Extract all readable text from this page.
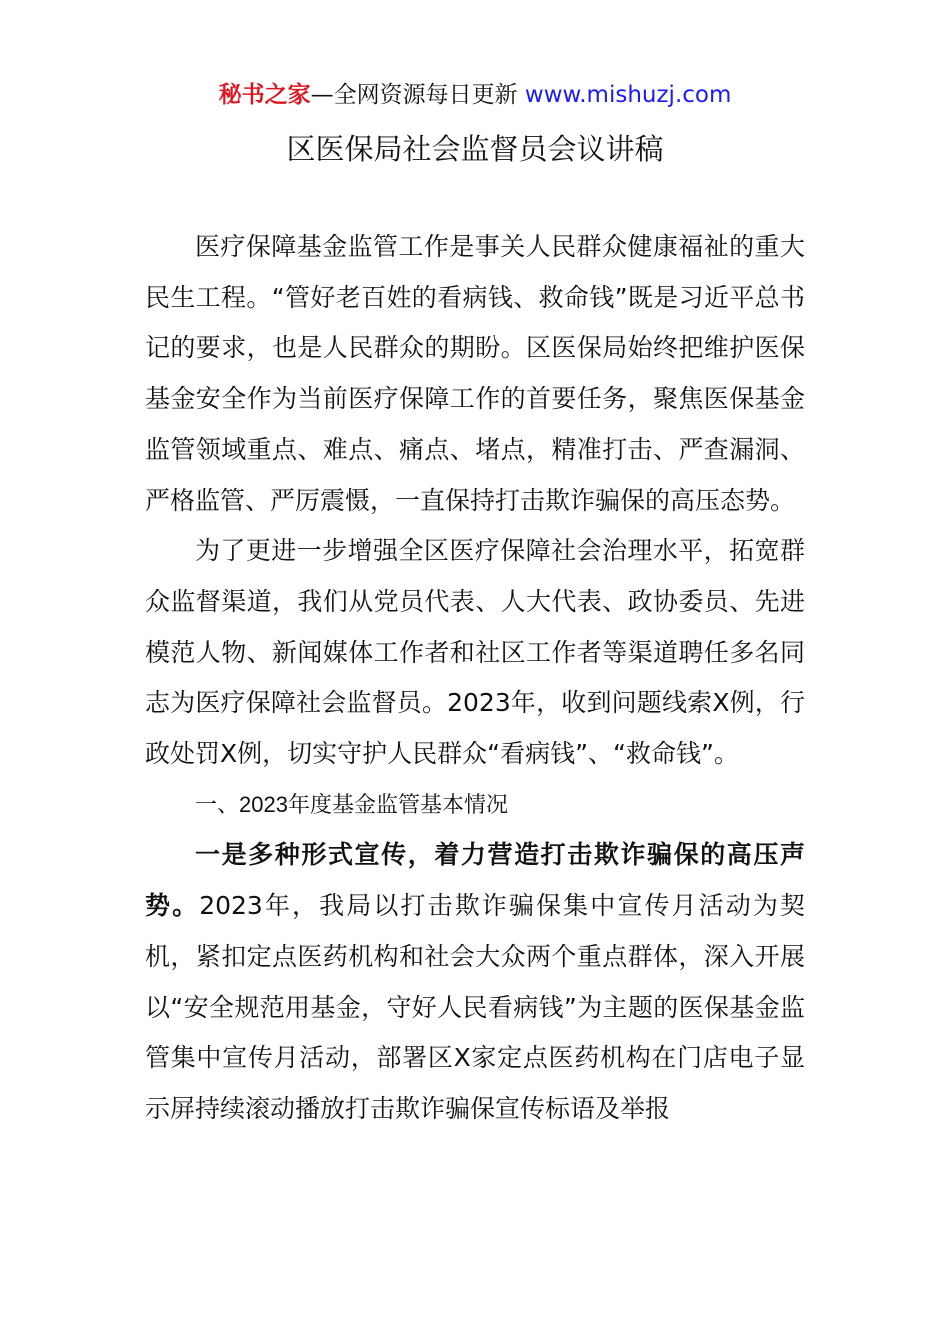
秘书之家—全网资源每日更新 www.mishuzj.com
区医保局社会监督员会议讲稿

医疗保障基金监管工作是事关人民群众健康福祉的重大民生工程。“管好老百姓的看病钱、救命钱”既是习近平总书记的要求，也是人民群众的期盼。区医保局始终把维护医保基金安全作为当前医疗保障工作的首要任务，聚焦医保基金监管领域重点、难点、痛点、堵点，精准打击、严查漏洞、严格监管、严厉震慑，一直保持打击欺诈骗保的高压态势。

为了更进一步增强全区医疗保障社会治理水平，拓宽群众监督渠道，我们从党员代表、人大代表、政协委员、先进模范人物、新闻媒体工作者和社区工作者等渠道聘任多名同志为医疗保障社会监督员。2023年，收到问题线索X例，行政处罚X例，切实守护人民群众“看病钱”、“救命钱”。

一、2023年度基金监管基本情况

一是多种形式宣传，着力营造打击欺诈骗保的高压声势。2023年，我局以打击欺诈骗保集中宣传月活动为契机，紧扣定点医药机构和社会大众两个重点群体，深入开展以“安全规范用基金，守好人民看病钱”为主题的医保基金监管集中宣传月活动，部署区X家定点医药机构在门店电子显示屏持续滚动播放打击欺诈骗保宣传标语及举报
